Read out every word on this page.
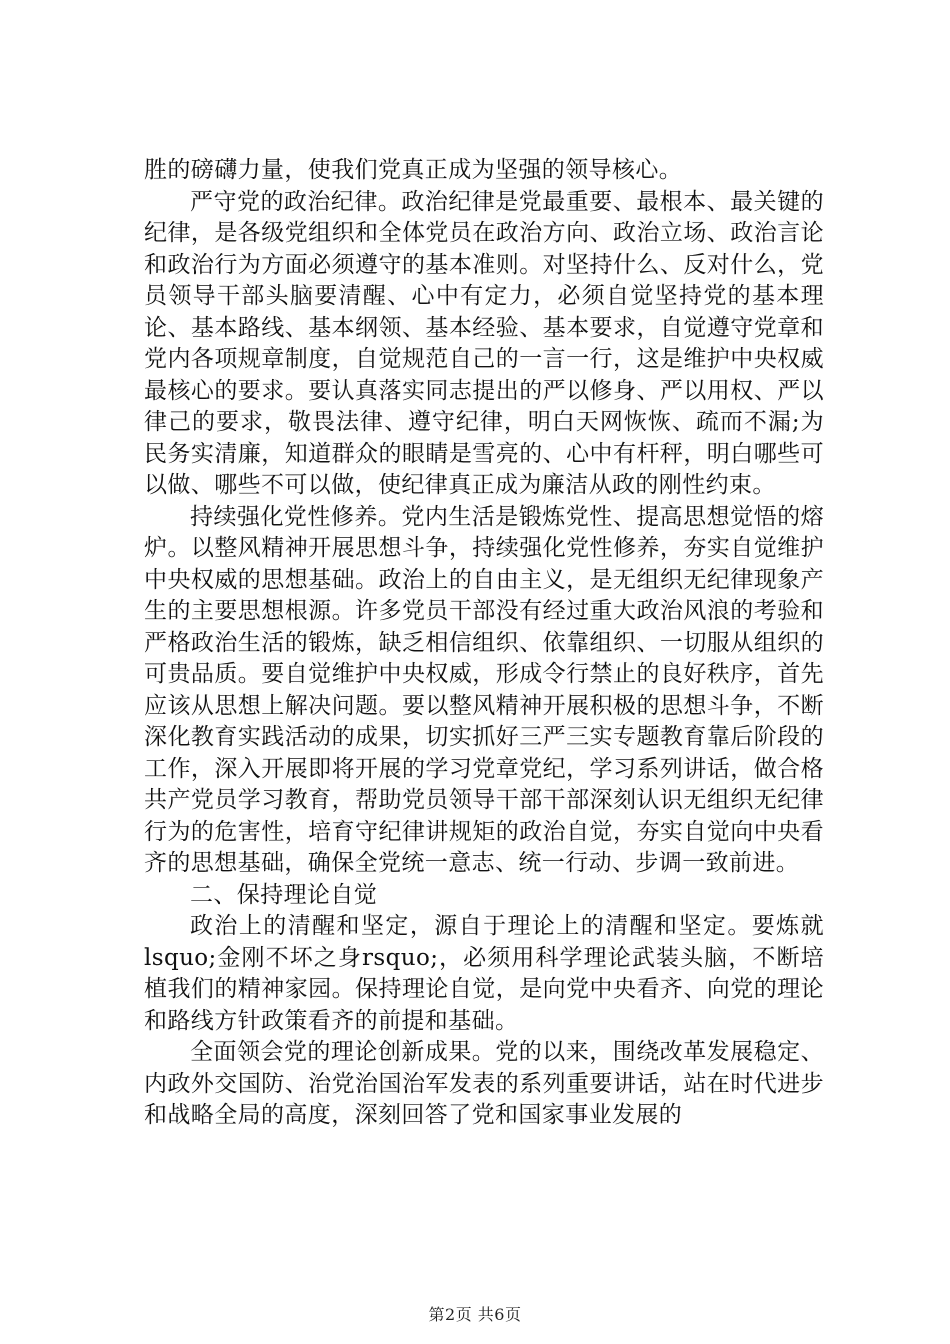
胜的磅礴力量，使我们党真正成为坚强的领导核心。

严守党的政治纪律。政治纪律是党最重要、最根本、最关键的纪律，是各级党组织和全体党员在政治方向、政治立场、政治言论和政治行为方面必须遵守的基本准则。对坚持什么、反对什么，党员领导干部头脑要清醒、心中有定力，必须自觉坚持党的基本理论、基本路线、基本纲领、基本经验、基本要求，自觉遵守党章和党内各项规章制度，自觉规范自己的一言一行，这是维护中央权威最核心的要求。要认真落实同志提出的严以修身、严以用权、严以律己的要求，敬畏法律、遵守纪律，明白天网恢恢、疏而不漏;为民务实清廉，知道群众的眼睛是雪亮的、心中有杆秤，明白哪些可以做、哪些不可以做，使纪律真正成为廉洁从政的刚性约束。

持续强化党性修养。党内生活是锻炼党性、提高思想觉悟的熔炉。以整风精神开展思想斗争，持续强化党性修养，夯实自觉维护中央权威的思想基础。政治上的自由主义，是无组织无纪律现象产生的主要思想根源。许多党员干部没有经过重大政治风浪的考验和严格政治生活的锻炼，缺乏相信组织、依靠组织、一切服从组织的可贵品质。要自觉维护中央权威，形成令行禁止的良好秩序，首先应该从思想上解决问题。要以整风精神开展积极的思想斗争，不断深化教育实践活动的成果，切实抓好三严三实专题教育靠后阶段的工作，深入开展即将开展的学习党章党纪，学习系列讲话，做合格共产党员学习教育，帮助党员领导干部干部深刻认识无组织无纪律行为的危害性，培育守纪律讲规矩的政治自觉，夯实自觉向中央看齐的思想基础，确保全党统一意志、统一行动、步调一致前进。

二、保持理论自觉

政治上的清醒和坚定，源自于理论上的清醒和坚定。要炼就lsquo;金刚不坏之身rsquo;，必须用科学理论武装头脑，不断培植我们的精神家园。保持理论自觉，是向党中央看齐、向党的理论和路线方针政策看齐的前提和基础。

全面领会党的理论创新成果。党的以来，围绕改革发展稳定、内政外交国防、治党治国治军发表的系列重要讲话，站在时代进步和战略全局的高度，深刻回答了党和国家事业发展的

第2页 共6页
